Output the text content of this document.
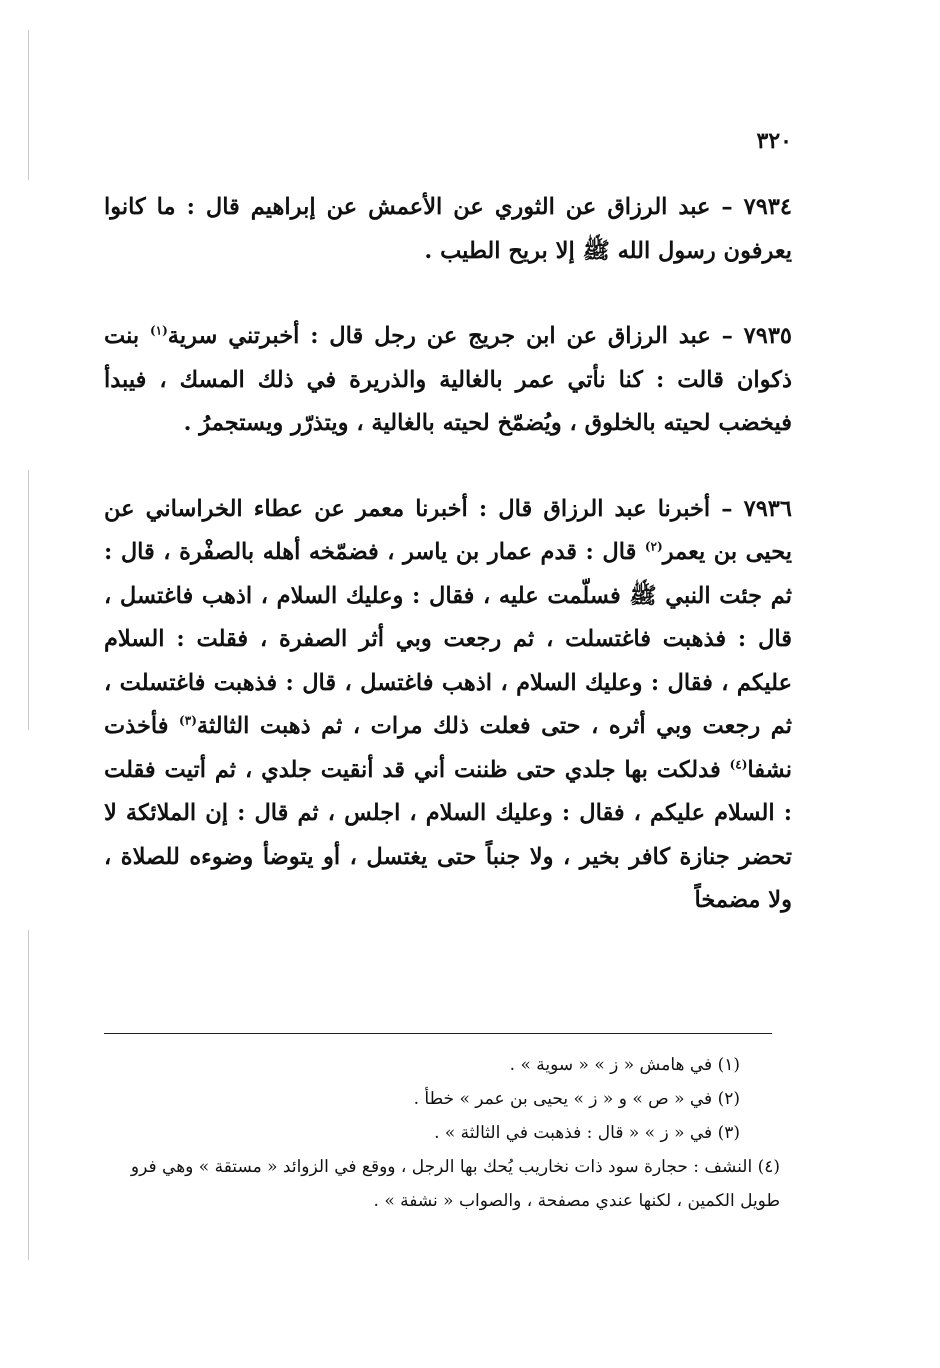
٣٢٠

٧٩٣٤ – عبد الرزاق عن الثوري عن الأعمش عن إبراهيم قال : ما كانوا يعرفون رسول الله ﷺ إلا بريح الطيب .

٧٩٣٥ – عبد الرزاق عن ابن جريج عن رجل قال : أخبرتني سرية$^{(١)}$ بنت ذكوان قالت : كنا نأتي عمر بالغالية والذريرة في ذلك المسك ، فيبدأ فيخضب لحيته بالخلوق ، ويُضمّخ لحيته بالغالية ، ويتذرّر ويستجمرُ .

٧٩٣٦ – أخبرنا عبد الرزاق قال : أخبرنا معمر عن عطاء الخراساني عن يحيى بن يعمر$^{(٢)}$ قال : قدم عمار بن ياسر ، فضمّخه أهله بالصفْرة ، قال : ثم جئت النبي ﷺ فسلّمت عليه ، فقال : وعليك السلام ، اذهب فاغتسل ، قال : فذهبت فاغتسلت ، ثم رجعت وبي أثر الصفرة ، فقلت : السلام عليكم ، فقال : وعليك السلام ، اذهب فاغتسل ، قال : فذهبت فاغتسلت ، ثم رجعت وبي أثره ، حتى فعلت ذلك مرات ، ثم ذهبت الثالثة$^{(٣)}$ فأخذت نشفا$^{(٤)}$ فدلكت بها جلدي حتى ظننت أني قد أنقيت جلدي ، ثم أتيت فقلت : السلام عليكم ، فقال : وعليك السلام ، اجلس ، ثم قال : إن الملائكة لا تحضر جنازة كافر بخير ، ولا جنباً حتى يغتسل ، أو يتوضأ وضوءه للصلاة ، ولا مضمخاً

(١) في هامش « ز » « سوية » .

(٢) في « ص » و « ز » يحيى بن عمر » خطأ .

(٣) في « ز » « قال : فذهبت في الثالثة » .

(٤) النشف : حجارة سود ذات نخاريب يُحك بها الرجل ، ووقع في الزوائد « مستقة » وهي فرو طويل الكمين ، لكنها عندي مصفحة ، والصواب « نشفة » .
